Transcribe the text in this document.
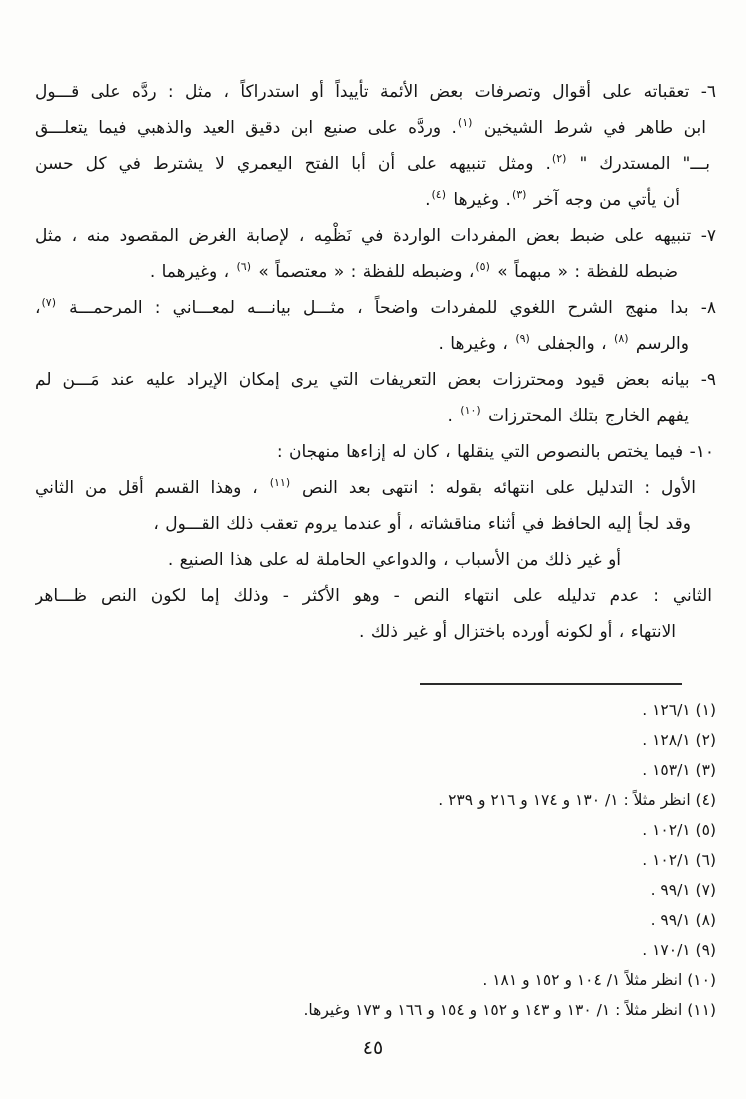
٦- تعقباته على أقوال وتصرفات بعض الأئمة تأييداً أو استدراكاً ، مثل : ردَّه على قـــول
ابن طاهر في شرط الشيخين (١). وردَّه على صنيع ابن دقيق العيد والذهبي فيما يتعلـــق
بـــ" المستدرك " (٢). ومثل تنبيهه على أن أبا الفتح اليعمري لا يشترط في كل حسن
أن يأتي من وجه آخر (٣). وغيرها (٤).
٧- تنبيهه على ضبط بعض المفردات الواردة في نَظْمِه ، لإصابة الغرض المقصود منه ، مثل
ضبطه للفظة : « مبهماً » (٥)، وضبطه للفظة : « معتصماً » (٦) ، وغيرهما .
٨- بدا منهج الشرح اللغوي للمفردات واضحاً ، مثـــل بيانـــه لمعـــاني : المرحمـــة (٧)،
والرسم (٨) ، والجفلى (٩) ، وغيرها .
٩- بيانه بعض قيود ومحترزات بعض التعريفات التي يرى إمكان الإيراد عليه عند مَـــن لم
يفهم الخارج بتلك المحترزات (١٠) .
١٠- فيما يختص بالنصوص التي ينقلها ، كان له إزاءها منهجان :
الأول : التدليل على انتهائه بقوله : انتهى بعد النص (١١) ، وهذا القسم أقل من الثاني
وقد لجأ إليه الحافظ في أثناء مناقشاته ، أو عندما يروم تعقب ذلك القـــول ،
أو غير ذلك من الأسباب ، والدواعي الحاملة له على هذا الصنيع .
الثاني : عدم تدليله على انتهاء النص - وهو الأكثر - وذلك إما لكون النص ظـــاهر
الانتهاء ، أو لكونه أورده باختزال أو غير ذلك .
(١) ١٢٦/١ .
(٢) ١٢٨/١ .
(٣) ١٥٣/١ .
(٤) انظر مثلاً : ١/ ١٣٠ و ١٧٤ و ٢١٦ و ٢٣٩ .
(٥) ١٠٢/١ .
(٦) ١٠٢/١ .
(٧) ٩٩/١ .
(٨) ٩٩/١ .
(٩) ١٧٠/١ .
(١٠) انظر مثلاً ١/ ١٠٤ و ١٥٢ و ١٨١ .
(١١) انظر مثلاً : ١/ ١٣٠ و ١٤٣ و ١٥٢ و ١٥٤ و ١٦٦ و ١٧٣ وغيرها.
٤٥
